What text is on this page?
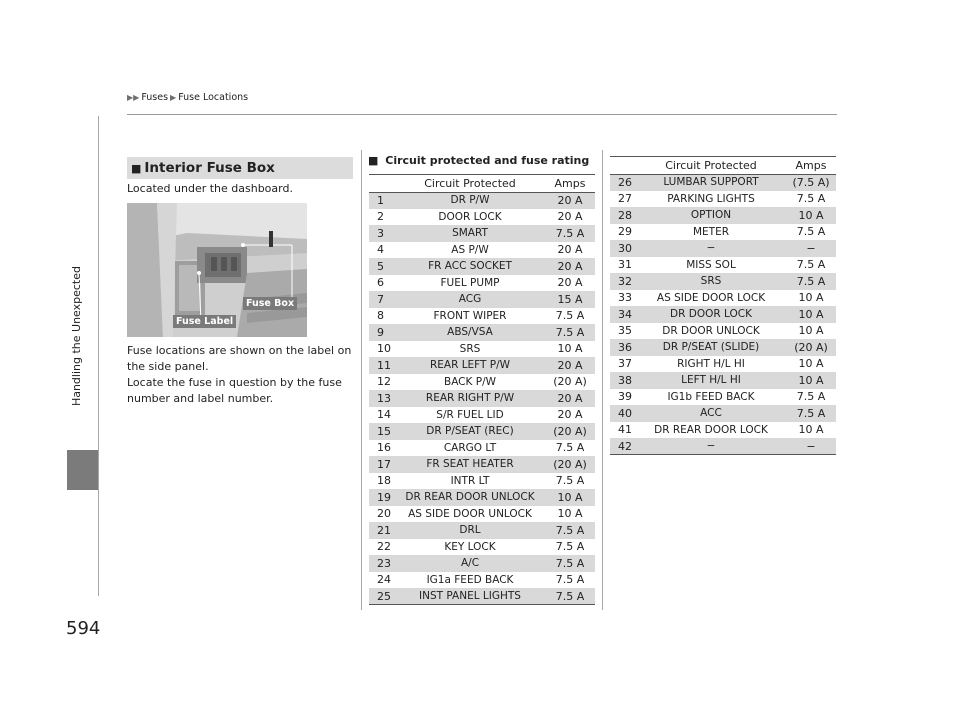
▶▶ Fuses ▶ Fuse Locations
Handling the Unexpected
594
■ Interior Fuse Box
Located under the dashboard.
Fuse Label
Fuse Box
Fuse locations are shown on the label on
the side panel.
Locate the fuse in question by the fuse
number and label number.
■ Circuit protected and fuse rating
	Circuit Protected	Amps
1	DR P/W	20 A
2	DOOR LOCK	20 A
3	SMART	7.5 A
4	AS P/W	20 A
5	FR ACC SOCKET	20 A
6	FUEL PUMP	20 A
7	ACG	15 A
8	FRONT WIPER	7.5 A
9	ABS/VSA	7.5 A
10	SRS	10 A
11	REAR LEFT P/W	20 A
12	BACK P/W	(20 A)
13	REAR RIGHT P/W	20 A
14	S/R FUEL LID	20 A
15	DR P/SEAT (REC)	(20 A)
16	CARGO LT	7.5 A
17	FR SEAT HEATER	(20 A)
18	INTR LT	7.5 A
19	DR REAR DOOR UNLOCK	10 A
20	AS SIDE DOOR UNLOCK	10 A
21	DRL	7.5 A
22	KEY LOCK	7.5 A
23	A/C	7.5 A
24	IG1a FEED BACK	7.5 A
25	INST PANEL LIGHTS	7.5 A
	Circuit Protected	Amps
26	LUMBAR SUPPORT	(7.5 A)
27	PARKING LIGHTS	7.5 A
28	OPTION	10 A
29	METER	7.5 A
30	−	−
31	MISS SOL	7.5 A
32	SRS	7.5 A
33	AS SIDE DOOR LOCK	10 A
34	DR DOOR LOCK	10 A
35	DR DOOR UNLOCK	10 A
36	DR P/SEAT (SLIDE)	(20 A)
37	RIGHT H/L HI	10 A
38	LEFT H/L HI	10 A
39	IG1b FEED BACK	7.5 A
40	ACC	7.5 A
41	DR REAR DOOR LOCK	10 A
42	−	−
